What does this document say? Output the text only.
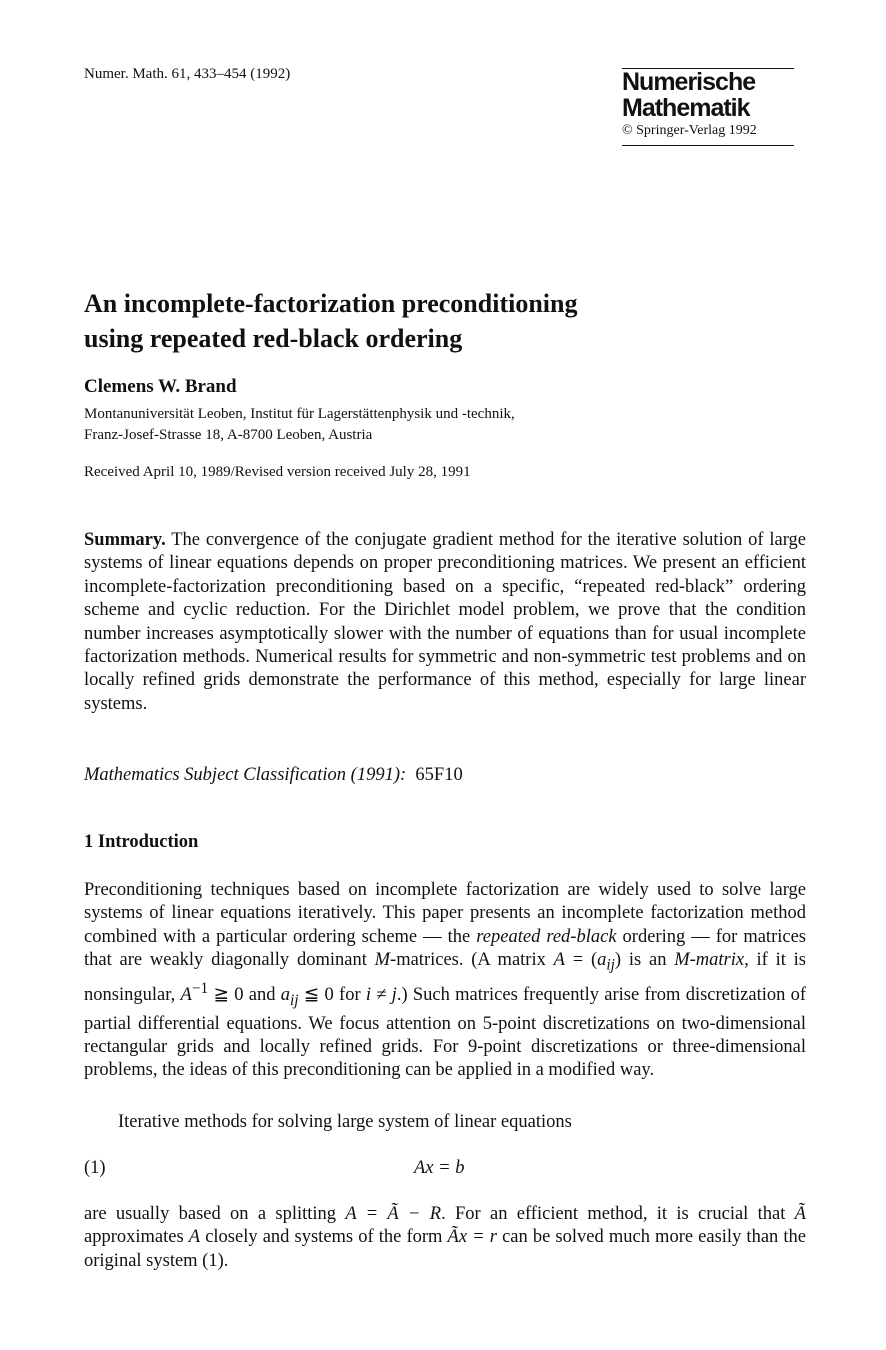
Numer. Math. 61, 433–454 (1992)	Numerische
Mathematik
© Springer-Verlag 1992
An incomplete-factorization preconditioning
using repeated red-black ordering
Clemens W. Brand
Montanuniversität Leoben, Institut für Lagerstättenphysik und -technik,
Franz-Josef-Strasse 18, A-8700 Leoben, Austria
Received April 10, 1989/Revised version received July 28, 1991
Summary. The convergence of the conjugate gradient method for the iterative solution of large systems of linear equations depends on proper preconditioning matrices. We present an efficient incomplete-factorization preconditioning based on a specific, “repeated red-black” ordering scheme and cyclic reduction. For the Dirichlet model problem, we prove that the condition number increases asymptotically slower with the number of equations than for usual incomplete factorization methods. Numerical results for symmetric and non-symmetric test problems and on locally refined grids demonstrate the performance of this method, especially for large linear systems.
Mathematics Subject Classification (1991): 65F10
1 Introduction
Preconditioning techniques based on incomplete factorization are widely used to solve large systems of linear equations iteratively. This paper presents an incomplete factorization method combined with a particular ordering scheme — the repeated red-black ordering — for matrices that are weakly diagonally dominant M-matrices. (A matrix $A = (a_{ij})$ is an M-matrix, if it is nonsingular, $A^{-1}$ ≧ 0 and $a_{ij}$ ≦ 0 for i ≠ j.) Such matrices frequently arise from discretization of partial differential equations. We focus attention on 5-point discretizations on two-dimensional rectangular grids and locally refined grids. For 9-point discretizations or three-dimensional problems, the ideas of this preconditioning can be applied in a modified way.
Iterative methods for solving large system of linear equations
(1)	Ax = b
are usually based on a splitting A = Ã − R. For an efficient method, it is crucial that Ã approximates A closely and systems of the form Ãx = r can be solved much more easily than the original system (1).
